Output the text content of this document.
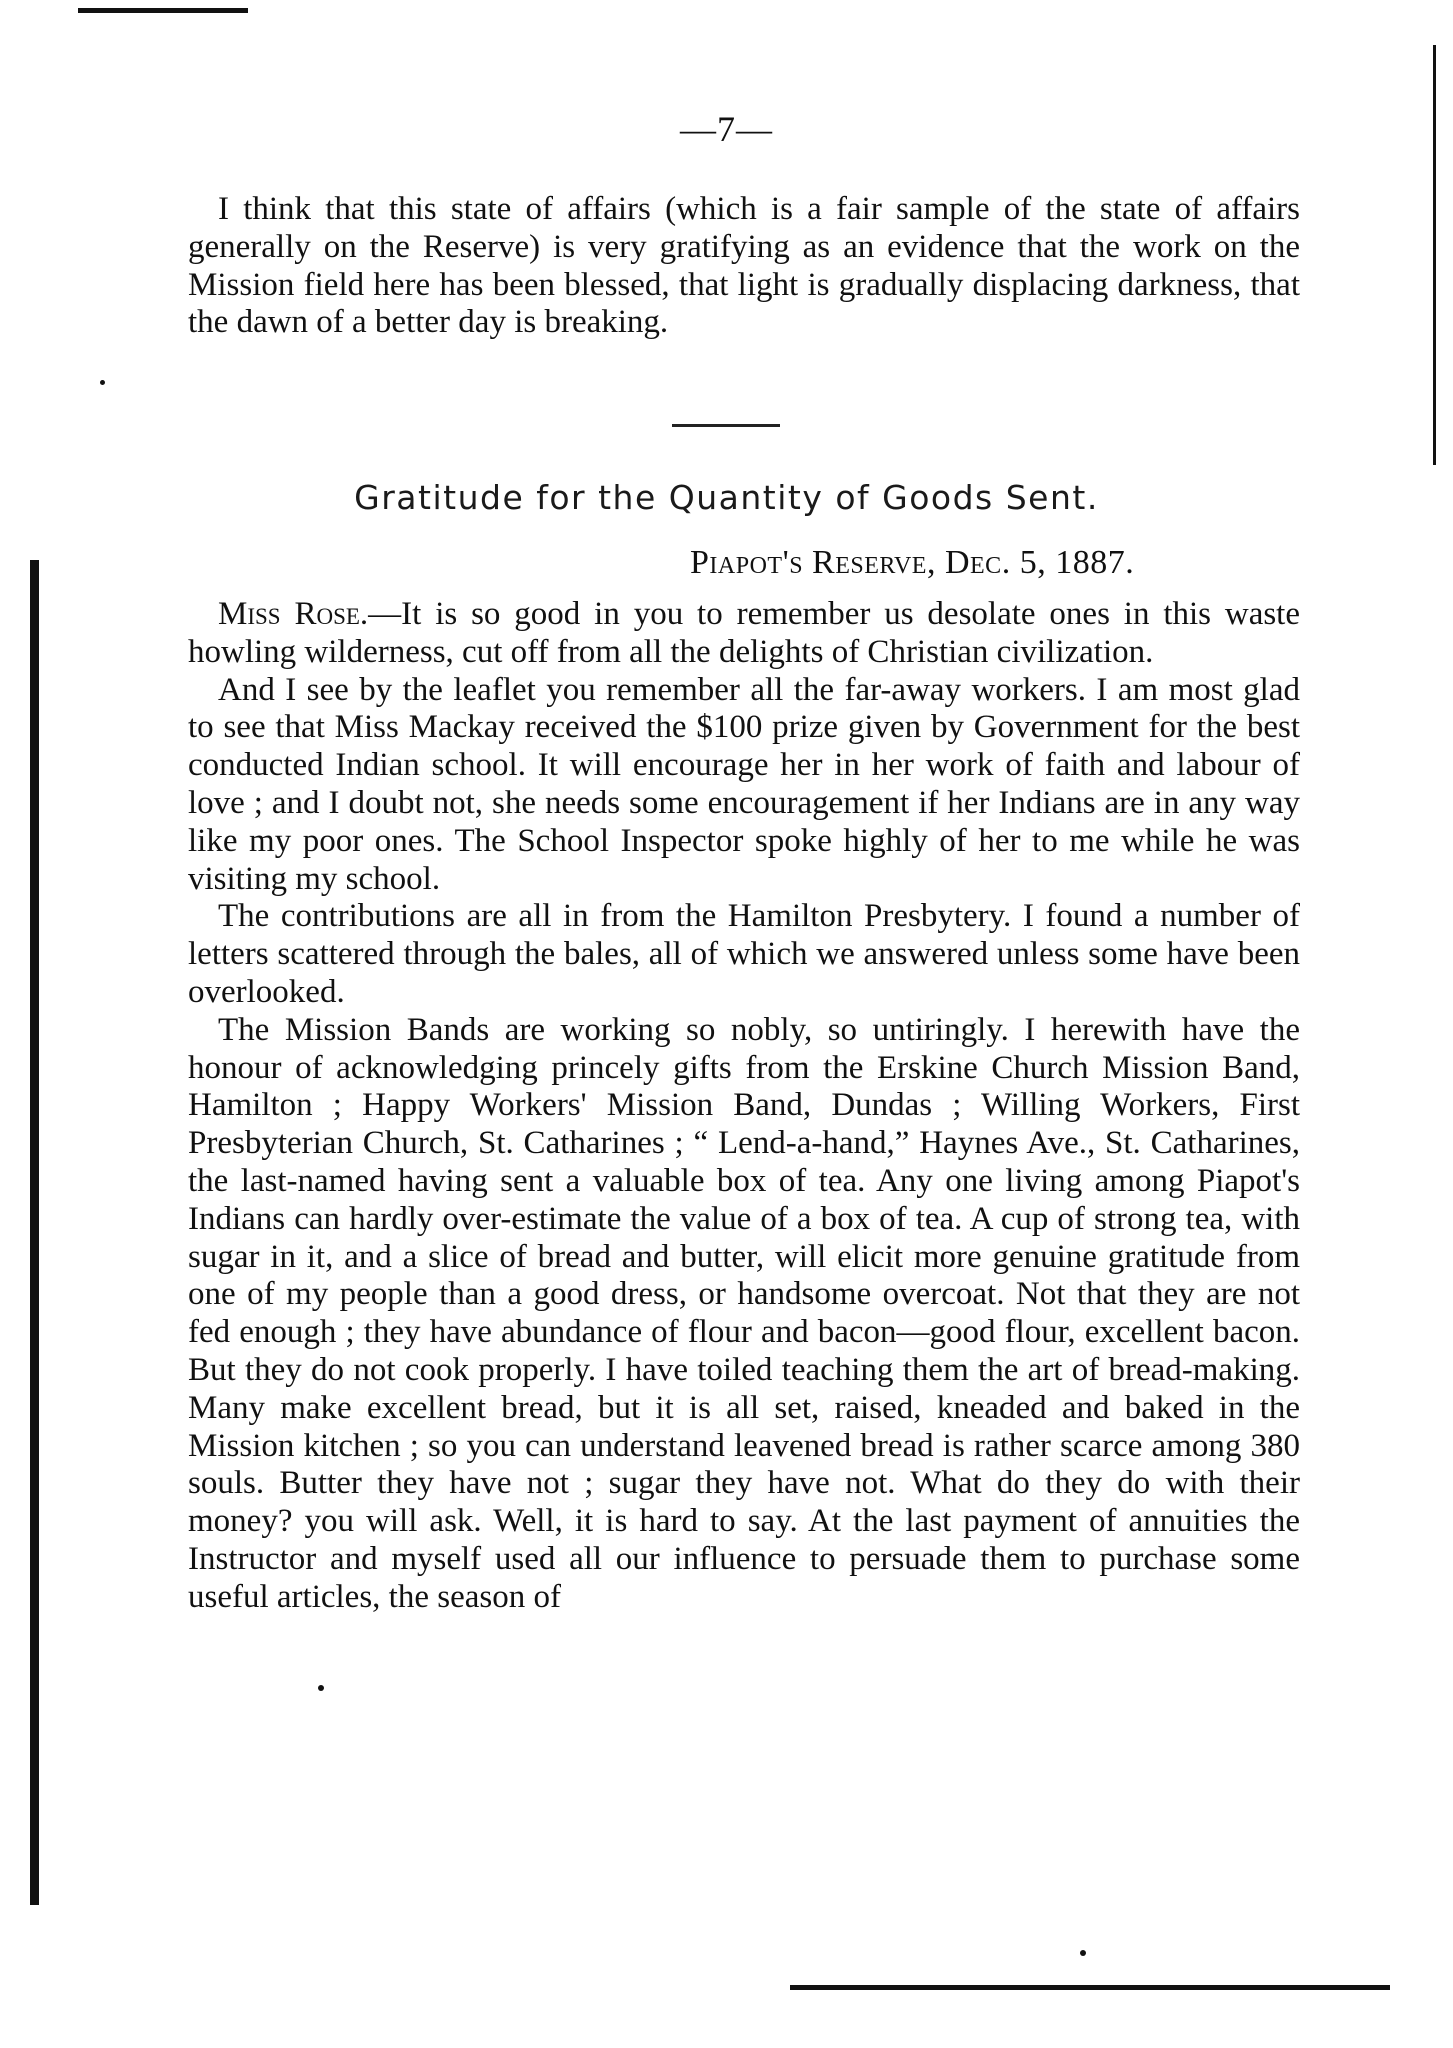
—7—

I think that this state of affairs (which is a fair sample of the state of affairs generally on the Reserve) is very gratifying as an evidence that the work on the Mission field here has been blessed, that light is gradually displacing darkness, that the dawn of a better day is breaking.

Gratitude for the Quantity of Goods Sent.
Piapot's Reserve, Dec. 5, 1887.

Miss Rose.—It is so good in you to remember us desolate ones in this waste howling wilderness, cut off from all the delights of Christian civilization.

And I see by the leaflet you remember all the far-away workers. I am most glad to see that Miss Mackay received the $100 prize given by Government for the best conducted Indian school. It will encourage her in her work of faith and labour of love ; and I doubt not, she needs some encouragement if her Indians are in any way like my poor ones. The School Inspector spoke highly of her to me while he was visiting my school.

The contributions are all in from the Hamilton Presbytery. I found a number of letters scattered through the bales, all of which we answered unless some have been overlooked.

The Mission Bands are working so nobly, so untiringly. I herewith have the honour of acknowledging princely gifts from the Erskine Church Mission Band, Hamilton ; Happy Workers' Mission Band, Dundas ; Willing Workers, First Presbyterian Church, St. Catharines ; “ Lend-a-hand,” Haynes Ave., St. Catharines, the last-named having sent a valuable box of tea. Any one living among Piapot's Indians can hardly over-estimate the value of a box of tea. A cup of strong tea, with sugar in it, and a slice of bread and butter, will elicit more genuine gratitude from one of my people than a good dress, or handsome overcoat. Not that they are not fed enough ; they have abundance of flour and bacon—good flour, excellent bacon. But they do not cook properly. I have toiled teaching them the art of bread-making. Many make excellent bread, but it is all set, raised, kneaded and baked in the Mission kitchen ; so you can understand leavened bread is rather scarce among 380 souls. Butter they have not ; sugar they have not. What do they do with their money? you will ask. Well, it is hard to say. At the last payment of annuities the Instructor and myself used all our influence to persuade them to purchase some useful articles, the season of
